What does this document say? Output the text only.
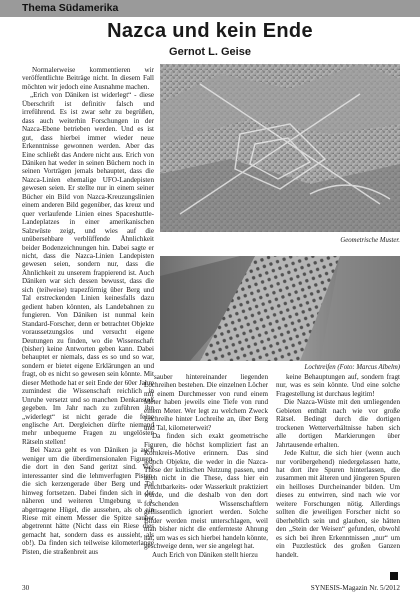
Thema Südamerika
Nazca und kein Ende
Gernot L. Geise

Normalerweise kommentieren wir veröffentlichte Beiträge nicht. In diesem Fall möchten wir jedoch eine Ausnahme machen.

„Erich von Däniken ist widerlegt“ - diese Überschrift ist definitiv falsch und irreführend. Es ist zwar sehr zu begrüßen, dass auch weiterhin Forschungen in der Nazca-Ebene betrieben werden. Und es ist gut, dass hierbei immer wieder neue Erkenntnisse gewonnen werden. Aber das Eine schließt das Andere nicht aus. Erich von Däniken hat weder in seinen Büchern noch in seinen Vorträgen jemals behauptet, dass die Nazca-Linien ehemalige UFO-Landepisten gewesen seien. Er stellte nur in einem seiner Bücher ein Bild von Nazca-Kreuzungslinien einem anderen Bild gegenüber, das kreuz und quer verlaufende Linien eines Spaceshuttle-Landeplatzes in einer amerikanischen Salzwüste zeigt, und wies auf die unübersehbare verblüffende Ähnlichkeit beider Bodenzeichnungen hin. Dabei sagte er nicht, dass die Nazca-Linien Landepisten gewesen seien, sondern nur, dass die Ähnlichkeit zu unserem frappierend ist. Auch Däniken war sich dessen bewusst, dass die sich (teilweise) trapezförmig über Berg und Tal erstreckenden Linien keinesfalls dazu gedient haben könnten, als Landebahnen zu fungieren. Von Däniken ist nunmal kein Standard-Forscher, denn er betrachtet Objekte voraussetzungslos und versucht eigene Deutungen zu finden, wo die Wissenschaft (bisher) keine Antworten geben kann. Dabei behauptet er niemals, dass es so und so war, sondern er bietet eigene Erklärungen an und fragt, ob es nicht so gewesen sein könnte. Mit dieser Methode hat er seit Ende der 60er Jahre zumindest die Wissenschaft reichlich in Unruhe versetzt und so manchen Denkanstoß gegeben. Im Jahr nach zu zuführen ihn „widerlegt“ ist nicht gerade die feine englische Art. Dergleichen dürfte niemand mehr unbequeme Fragen zu ungelösten Rätseln stellen!

Bei Nazca geht es von Däniken ja auch weniger um die überdimensionalen Figuren, die dort in den Sand geritzt sind. Viel interessanter sind die lehmverfugten Pisten, die sich kerzengerade über Berg und Tal hinweg fortsetzen. Dabei finden sich in der näheren und weiteren Umgebung u. a. abgetragene Hügel, die aussehen, als ob ein Riese mit einem Messer die Spitze sauber abgetrennt hätte (Nicht dass ein Riese dies gemacht hat, sondern dass es aussieht, als ob!). Da finden sich teilweise kilometerlange Pisten, die straßenbreit aus

Geometrische Muster.
Lochtreifen (Foto: Marcus Albelm)

sauber hintereinander liegenden Lochreihen bestehen. Die einzelnen Löcher mit einem Durchmesser von rund einem Meter haben jeweils eine Tiefe von rund einem Meter. Wer legt zu welchem Zweck Lochreihe hinter Lochreihe an, über Berg und Tal, kilometerweit?

Da finden sich exakt geometrische Figuren, die höchst kompliziert fast an Kornkreis-Motive erinnern. Das sind jedoch Objekte, die weder in die Nazca-These der kultischen Nutzung passen, und auch nicht in die These, dass hier ein Fruchtbarkeits- oder Wasserkult praktiziert wurde, und die deshalb von den dort forschenden Wissenschaftlern geflissentlich ignoriert werden. Solche Bilder werden meist unterschlagen, weil man bisher nicht die entfernteste Ahnung hat, um was es sich hierbei handeln könnte, geschweige denn, wer sie angelegt hat.

Auch Erich von Däniken stellt hierzu

keine Behauptungen auf, sondern fragt nur, was es sein könnte. Und eine solche Fragestellung ist durchaus legitim!

Die Nazca-Wüste mit den umliegenden Gebieten enthält nach wie vor große Rätsel. Bedingt durch die dortigen trockenen Wetterverhältnisse haben sich alle dortigen Markierungen über Jahrtausende erhalten.

Jede Kultur, die sich hier (wenn auch nur vorübergehend) niedergelassen hatte, hat dort ihre Spuren hinterlassen, die zusammen mit älteren und jüngeren Spuren ein heilloses Durcheinander bilden. Um dieses zu entwirren, sind nach wie vor weitere Forschungen nötig. Allerdings sollten die jeweiligen Forscher nicht so überheblich sein und glauben, sie hätten den „Stein der Weisen“ gefunden, obwohl es sich bei ihren Erkenntnissen „nur“ um ein Puzzlestück des großen Ganzen handelt.

30	SYNESIS-Magazin Nr. 5/2012
